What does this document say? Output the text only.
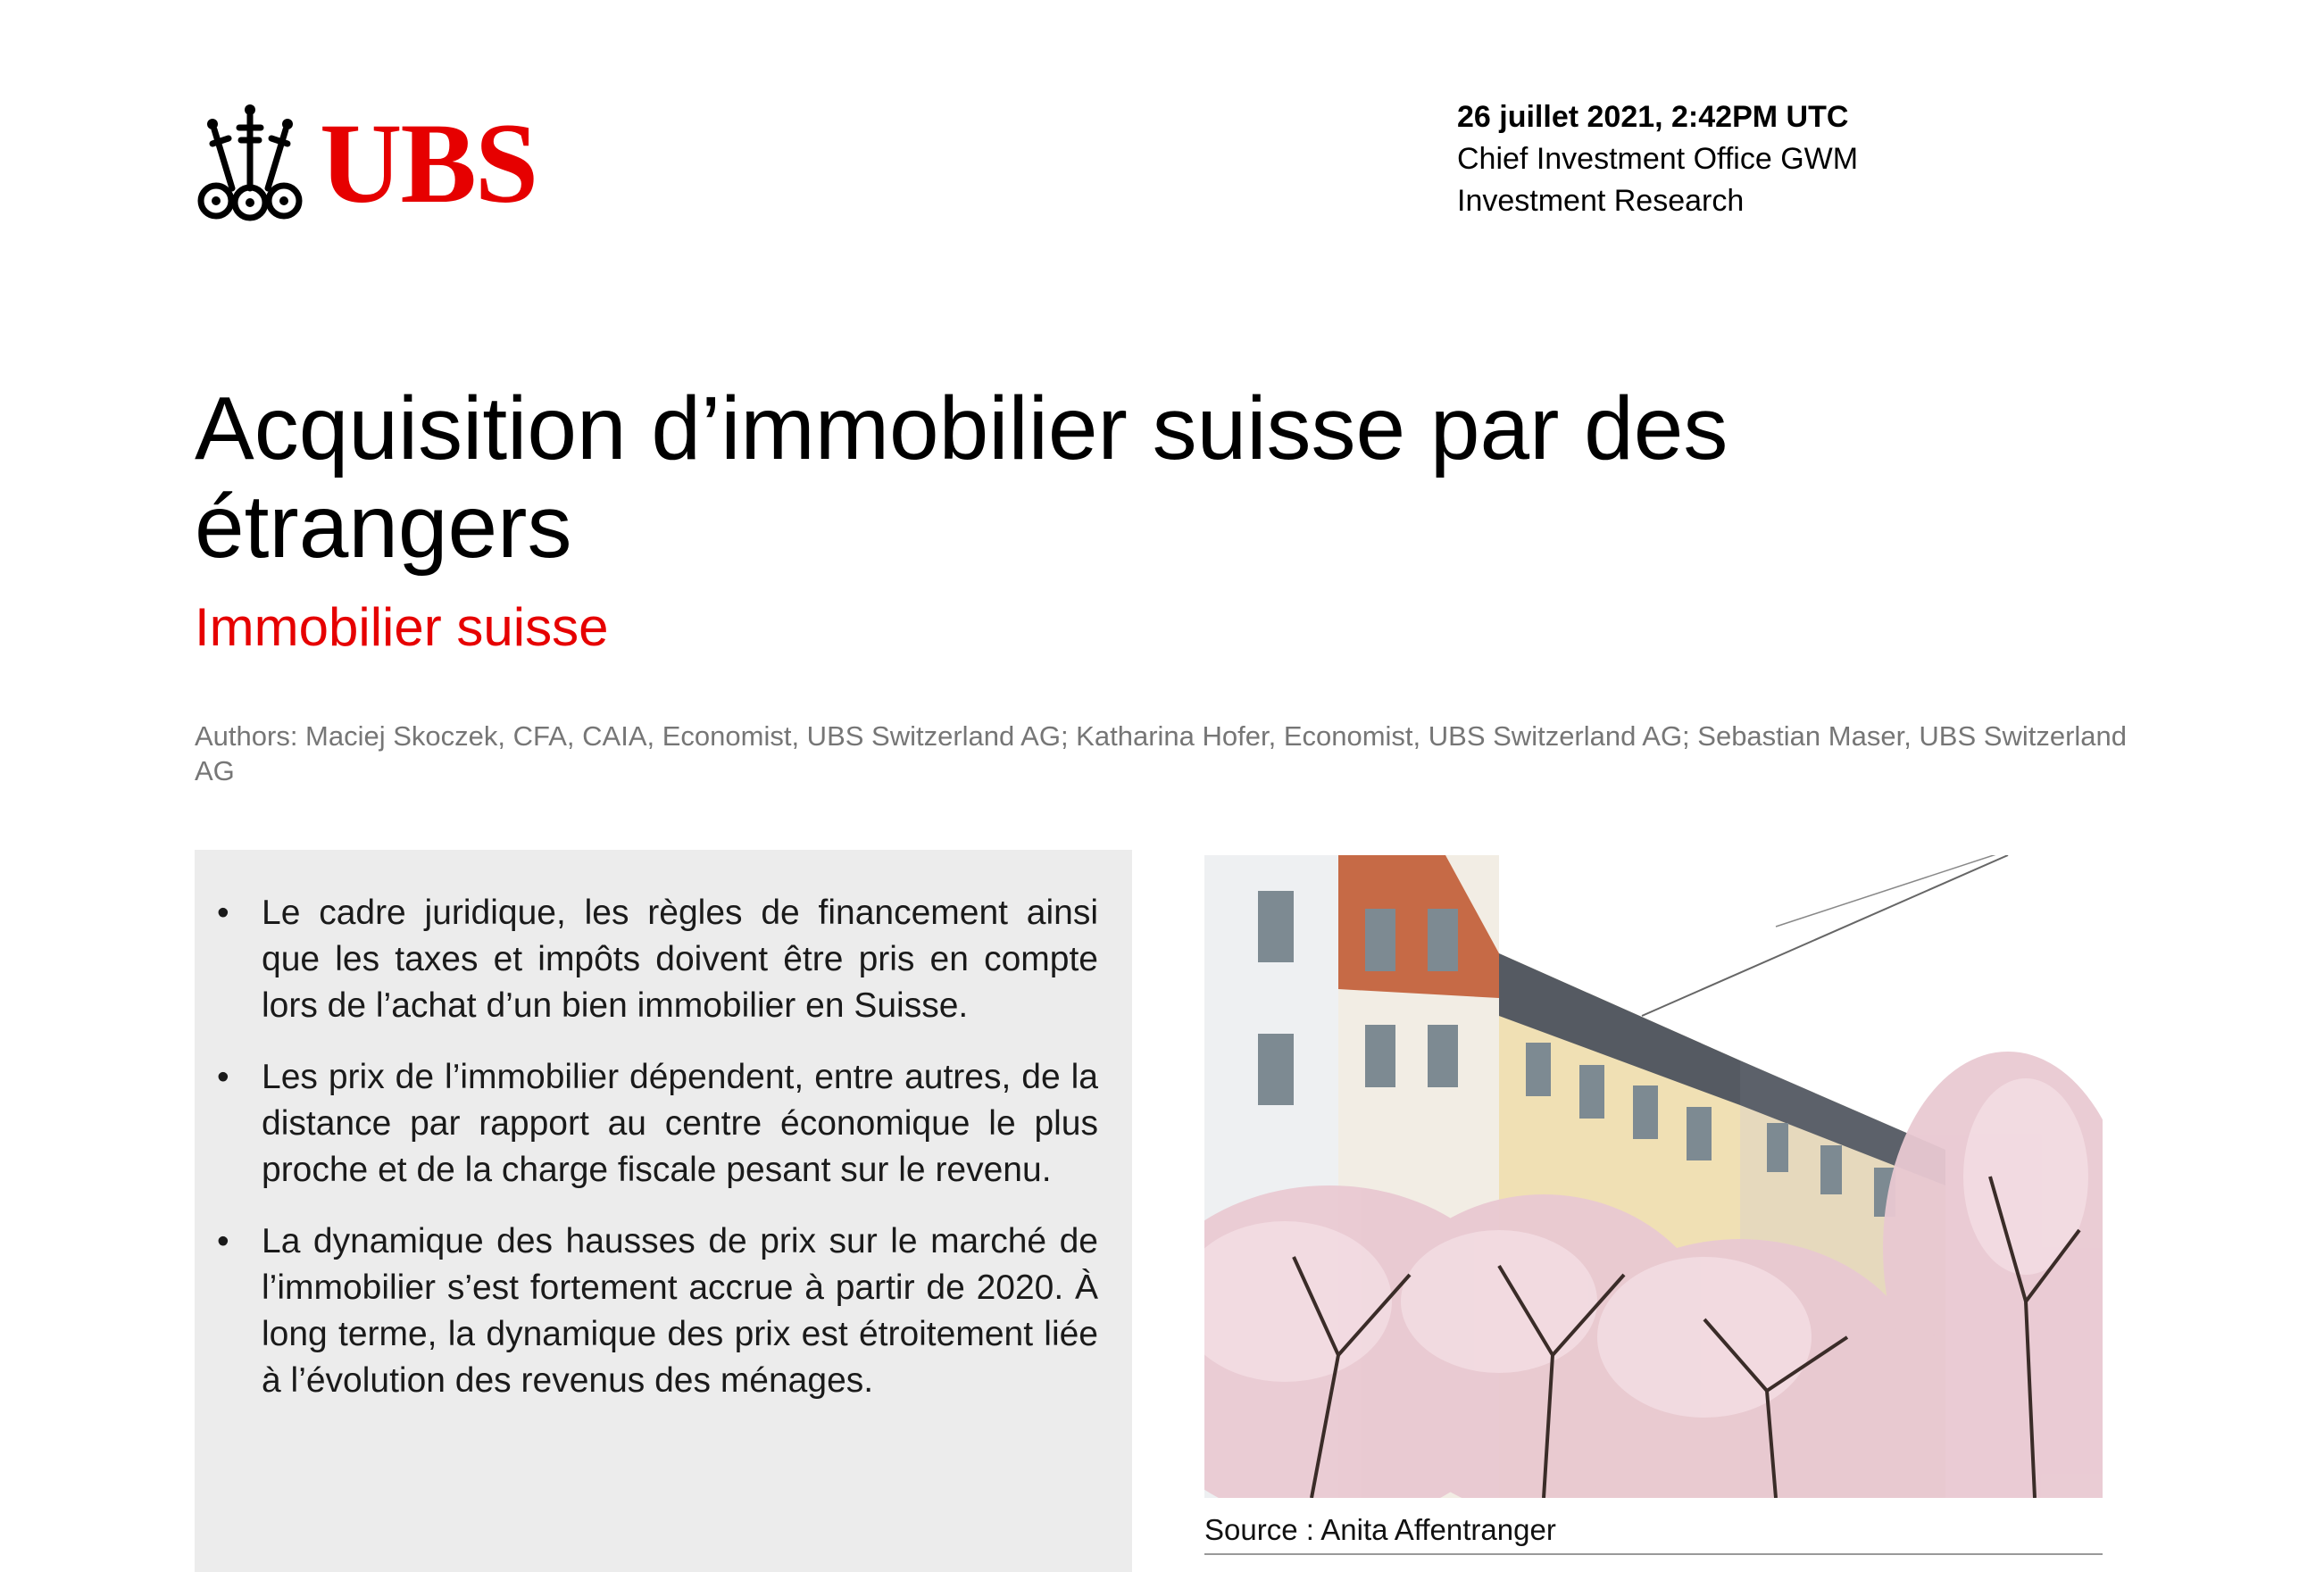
UBS	26 juillet 2021, 2:42PM UTC
Chief Investment Office GWM
Investment Research
Acquisition d’immobilier suisse par des étrangers
Immobilier suisse
Authors: Maciej Skoczek, CFA, CAIA, Economist, UBS Switzerland AG; Katharina Hofer, Economist, UBS Switzerland AG; Sebastian Maser, UBS Switzerland AG
• Le cadre juridique, les règles de financement ainsi que les taxes et impôts doivent être pris en compte lors de l’achat d’un bien immobilier en Suisse.
• Les prix de l’immobilier dépendent, entre autres, de la distance par rapport au centre économique le plus proche et de la charge fiscale pesant sur le revenu.
• La dynamique des hausses de prix sur le marché de l’immobilier s’est fortement accrue à partir de 2020. À long terme, la dynamique des prix est étroitement liée à l’évolution des revenus des ménages.
Source : Anita Affentranger
